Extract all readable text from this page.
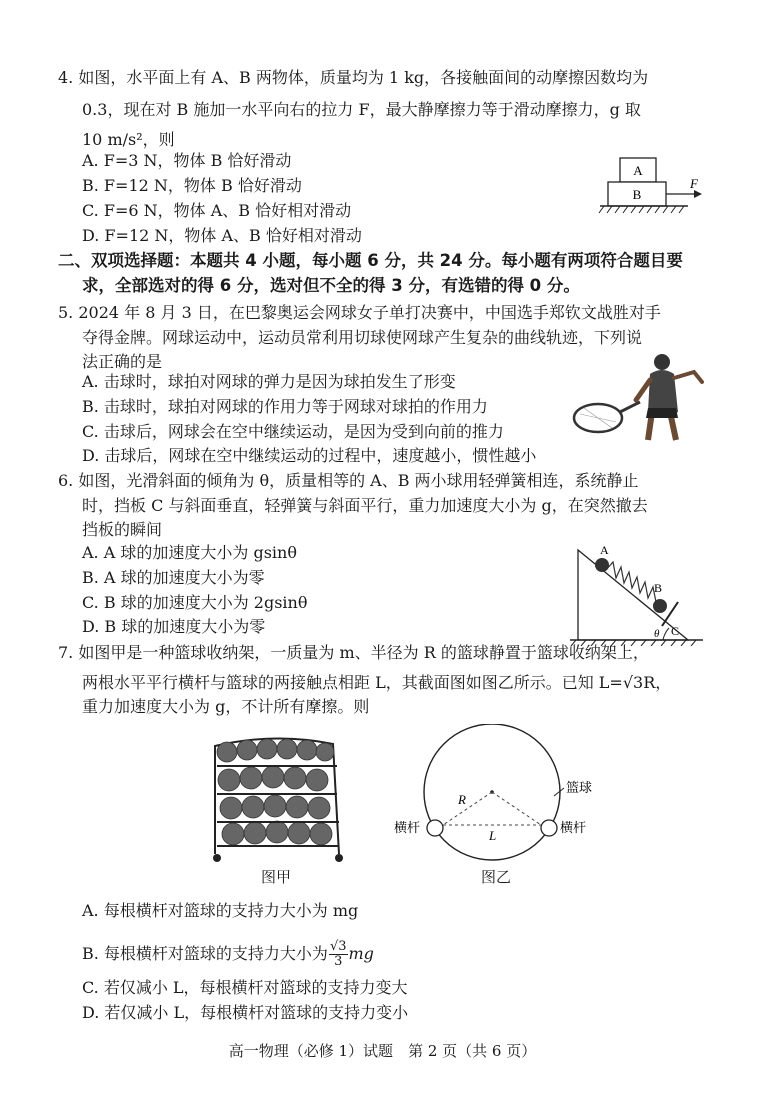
4. 如图，水平面上有 A、B 两物体，质量均为 1 kg，各接触面间的动摩擦因数均为
0.3，现在对 B 施加一水平向右的拉力 F，最大静摩擦力等于滑动摩擦力，g 取
10 m/s²，则
A. F=3 N，物体 B 恰好滑动
B. F=12 N，物体 B 恰好滑动
C. F=6 N，物体 A、B 恰好相对滑动
D. F=12 N，物体 A、B 恰好相对滑动
A
B
F
二、双项选择题：本题共 4 小题，每小题 6 分，共 24 分。每小题有两项符合题目要
求，全部选对的得 6 分，选对但不全的得 3 分，有选错的得 0 分。
5. 2024 年 8 月 3 日，在巴黎奥运会网球女子单打决赛中，中国选手郑钦文战胜对手
夺得金牌。网球运动中，运动员常利用切球使网球产生复杂的曲线轨迹，下列说
法正确的是
A. 击球时，球拍对网球的弹力是因为球拍发生了形变
B. 击球时，球拍对网球的作用力等于网球对球拍的作用力
C. 击球后，网球会在空中继续运动，是因为受到向前的推力
D. 击球后，网球在空中继续运动的过程中，速度越小，惯性越小
6. 如图，光滑斜面的倾角为 θ，质量相等的 A、B 两小球用轻弹簧相连，系统静止
时，挡板 C 与斜面垂直，轻弹簧与斜面平行，重力加速度大小为 g，在突然撤去
挡板的瞬间
A. A 球的加速度大小为 gsinθ
B. A 球的加速度大小为零
C. B 球的加速度大小为 2gsinθ
D. B 球的加速度大小为零
A
B
C
θ
7. 如图甲是一种篮球收纳架，一质量为 m、半径为 R 的篮球静置于篮球收纳架上，
两根水平平行横杆与篮球的两接触点相距 L，其截面图如图乙所示。已知 L=√3R，
重力加速度大小为 g，不计所有摩擦。则
图甲
篮球
横杆	横杆
R
L
图乙
A. 每根横杆对篮球的支持力大小为 mg
B. 每根横杆对篮球的支持力大小为 $\frac{√3}{3}$ mg
C. 若仅减小 L，每根横杆对篮球的支持力变大
D. 若仅减小 L，每根横杆对篮球的支持力变小
高一物理（必修 1）试题　第 2 页（共 6 页）
